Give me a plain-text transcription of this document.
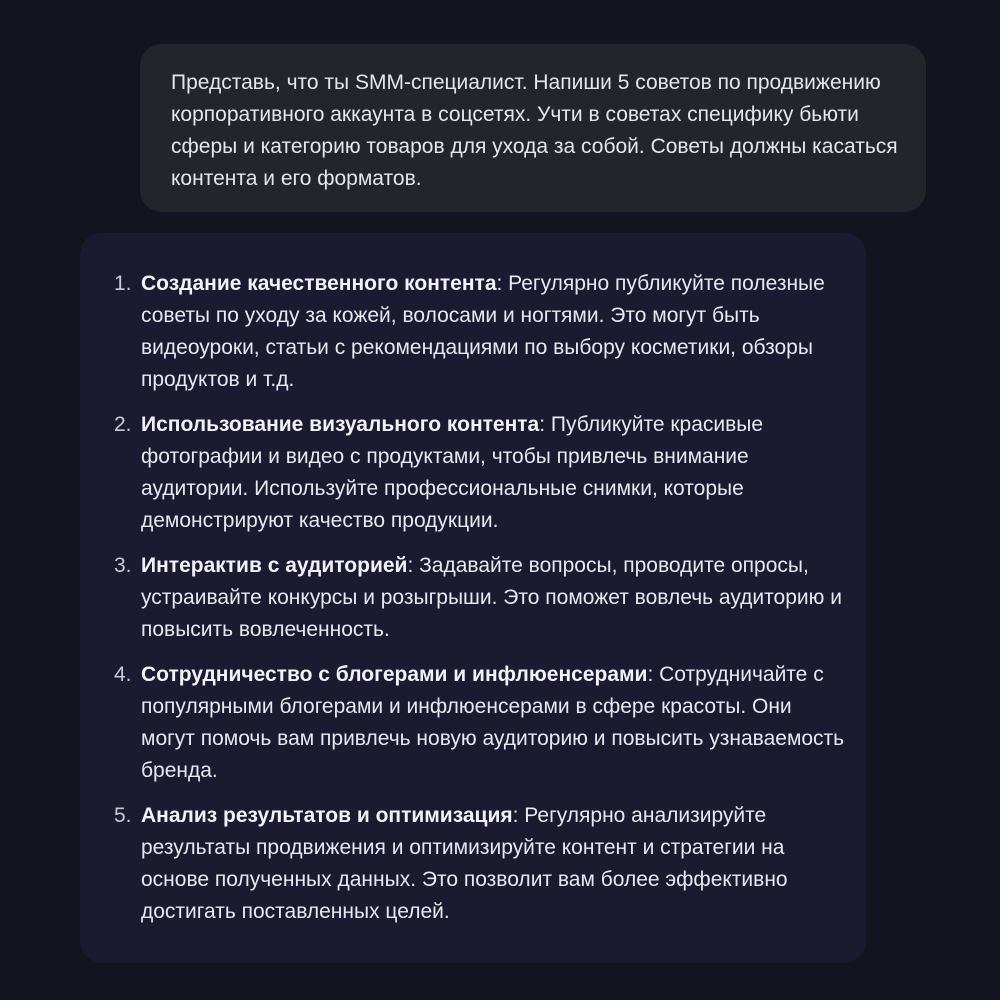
Представь, что ты SMM-специалист. Напиши 5 советов по продвижению корпоративного аккаунта в соцсетях. Учти в советах специфику бьюти сферы и категорию товаров для ухода за собой. Советы должны касаться контента и его форматов.
1. Создание качественного контента: Регулярно публикуйте полезные советы по уходу за кожей, волосами и ногтями. Это могут быть видеоуроки, статьи с рекомендациями по выбору косметики, обзоры продуктов и т.д.
2. Использование визуального контента: Публикуйте красивые фотографии и видео с продуктами, чтобы привлечь внимание аудитории. Используйте профессиональные снимки, которые демонстрируют качество продукции.
3. Интерактив с аудиторией: Задавайте вопросы, проводите опросы, устраивайте конкурсы и розыгрыши. Это поможет вовлечь аудиторию и повысить вовлеченность.
4. Сотрудничество с блогерами и инфлюенсерами: Сотрудничайте с популярными блогерами и инфлюенсерами в сфере красоты. Они могут помочь вам привлечь новую аудиторию и повысить узнаваемость бренда.
5. Анализ результатов и оптимизация: Регулярно анализируйте результаты продвижения и оптимизируйте контент и стратегии на основе полученных данных. Это позволит вам более эффективно достигать поставленных целей.
